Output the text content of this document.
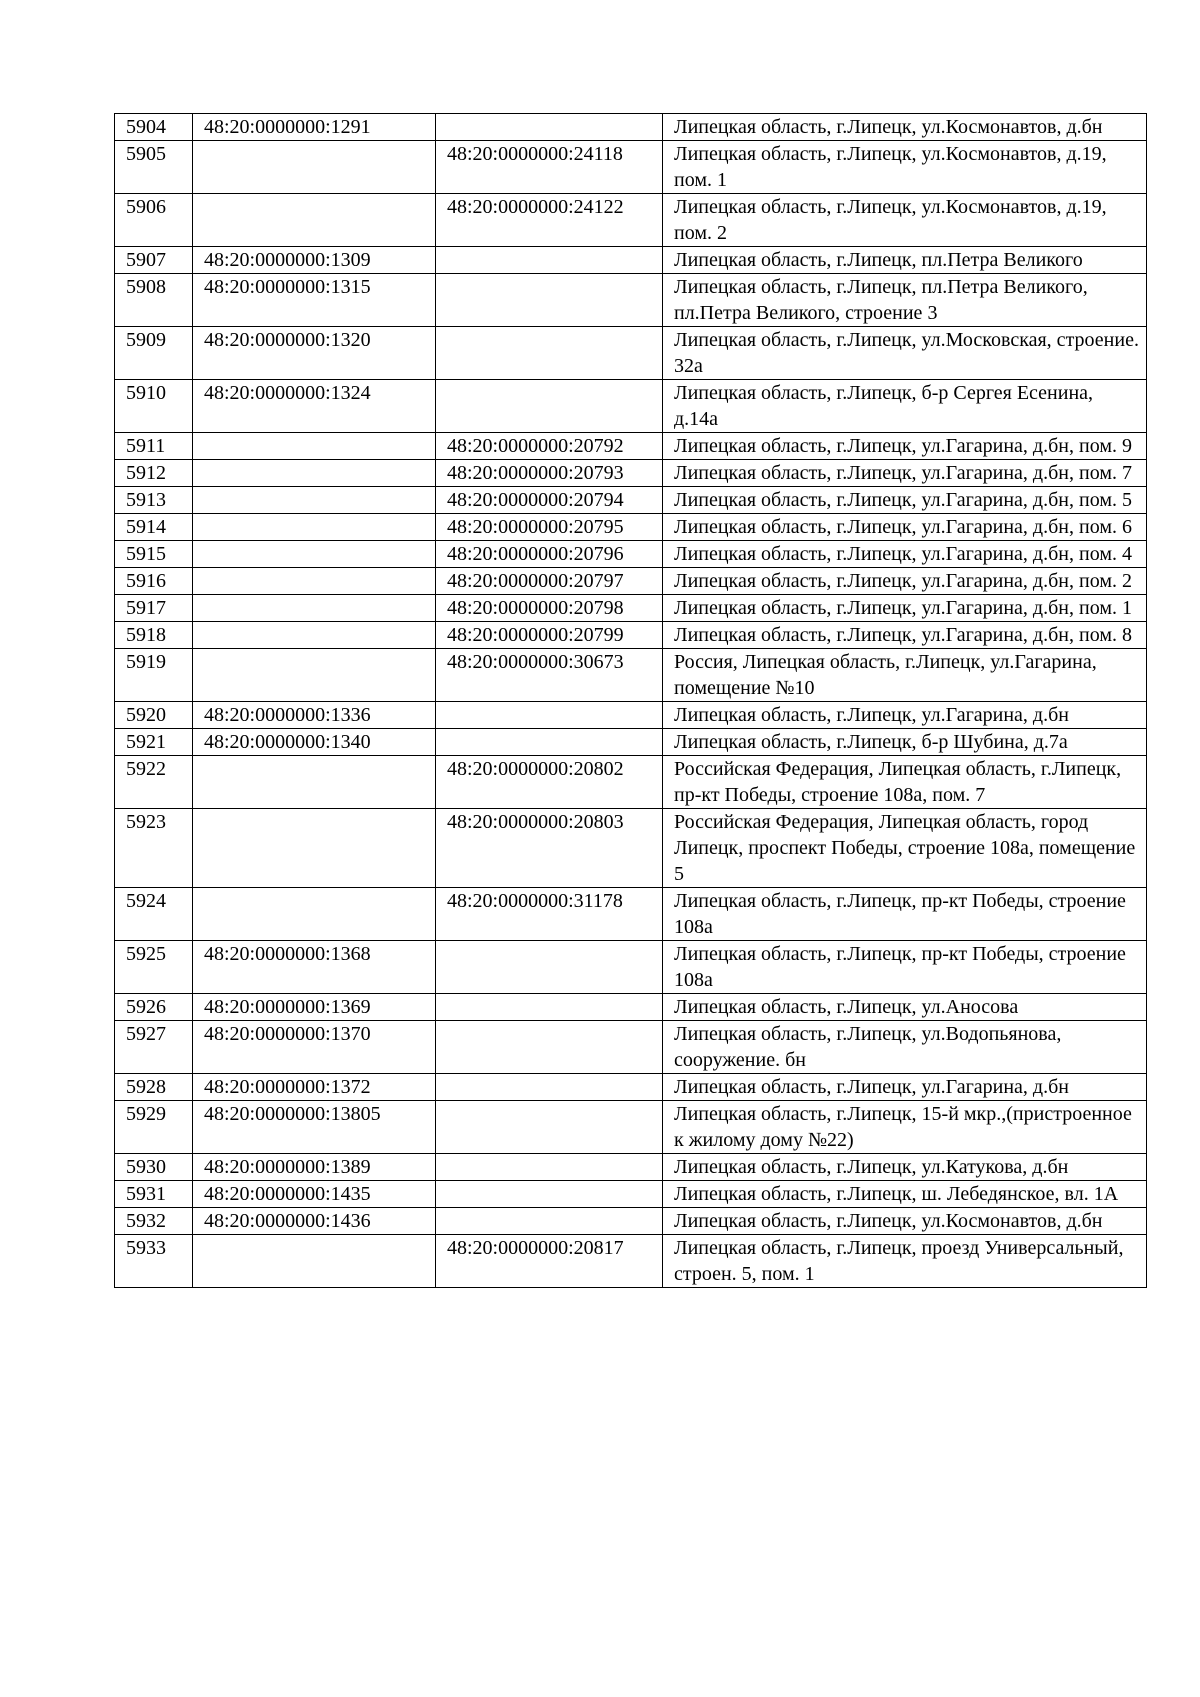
5904	48:20:0000000:1291		Липецкая область, г.Липецк, ул.Космонавтов, д.бн
5905		48:20:0000000:24118	Липецкая область, г.Липецк, ул.Космонавтов, д.19, пом. 1
5906		48:20:0000000:24122	Липецкая область, г.Липецк, ул.Космонавтов, д.19, пом. 2
5907	48:20:0000000:1309		Липецкая область, г.Липецк, пл.Петра Великого
5908	48:20:0000000:1315		Липецкая область, г.Липецк, пл.Петра Великого, пл.Петра Великого, строение 3
5909	48:20:0000000:1320		Липецкая область, г.Липецк, ул.Московская, строение. 32а
5910	48:20:0000000:1324		Липецкая область, г.Липецк, б-р Сергея Есенина, д.14а
5911		48:20:0000000:20792	Липецкая область, г.Липецк, ул.Гагарина, д.бн, пом. 9
5912		48:20:0000000:20793	Липецкая область, г.Липецк, ул.Гагарина, д.бн, пом. 7
5913		48:20:0000000:20794	Липецкая область, г.Липецк, ул.Гагарина, д.бн, пом. 5
5914		48:20:0000000:20795	Липецкая область, г.Липецк, ул.Гагарина, д.бн, пом. 6
5915		48:20:0000000:20796	Липецкая область, г.Липецк, ул.Гагарина, д.бн, пом. 4
5916		48:20:0000000:20797	Липецкая область, г.Липецк, ул.Гагарина, д.бн, пом. 2
5917		48:20:0000000:20798	Липецкая область, г.Липецк, ул.Гагарина, д.бн, пом. 1
5918		48:20:0000000:20799	Липецкая область, г.Липецк, ул.Гагарина, д.бн, пом. 8
5919		48:20:0000000:30673	Россия, Липецкая область, г.Липецк, ул.Гагарина, помещение №10
5920	48:20:0000000:1336		Липецкая область, г.Липецк, ул.Гагарина, д.бн
5921	48:20:0000000:1340		Липецкая область, г.Липецк, б-р Шубина, д.7а
5922		48:20:0000000:20802	Российская Федерация, Липецкая область, г.Липецк, пр-кт Победы, строение 108а, пом. 7
5923		48:20:0000000:20803	Российская Федерация, Липецкая область, город Липецк, проспект Победы, строение 108а, помещение 5
5924		48:20:0000000:31178	Липецкая область, г.Липецк, пр-кт Победы, строение 108а
5925	48:20:0000000:1368		Липецкая область, г.Липецк, пр-кт Победы, строение 108а
5926	48:20:0000000:1369		Липецкая область, г.Липецк, ул.Аносова
5927	48:20:0000000:1370		Липецкая область, г.Липецк, ул.Водопьянова, сооружение. бн
5928	48:20:0000000:1372		Липецкая область, г.Липецк, ул.Гагарина, д.бн
5929	48:20:0000000:13805		Липецкая область, г.Липецк, 15-й мкр.,(пристроенное к жилому дому №22)
5930	48:20:0000000:1389		Липецкая область, г.Липецк, ул.Катукова, д.бн
5931	48:20:0000000:1435		Липецкая область, г.Липецк, ш. Лебедянское, вл. 1А
5932	48:20:0000000:1436		Липецкая область, г.Липецк, ул.Космонавтов, д.бн
5933		48:20:0000000:20817	Липецкая область, г.Липецк, проезд Универсальный, строен. 5, пом. 1
